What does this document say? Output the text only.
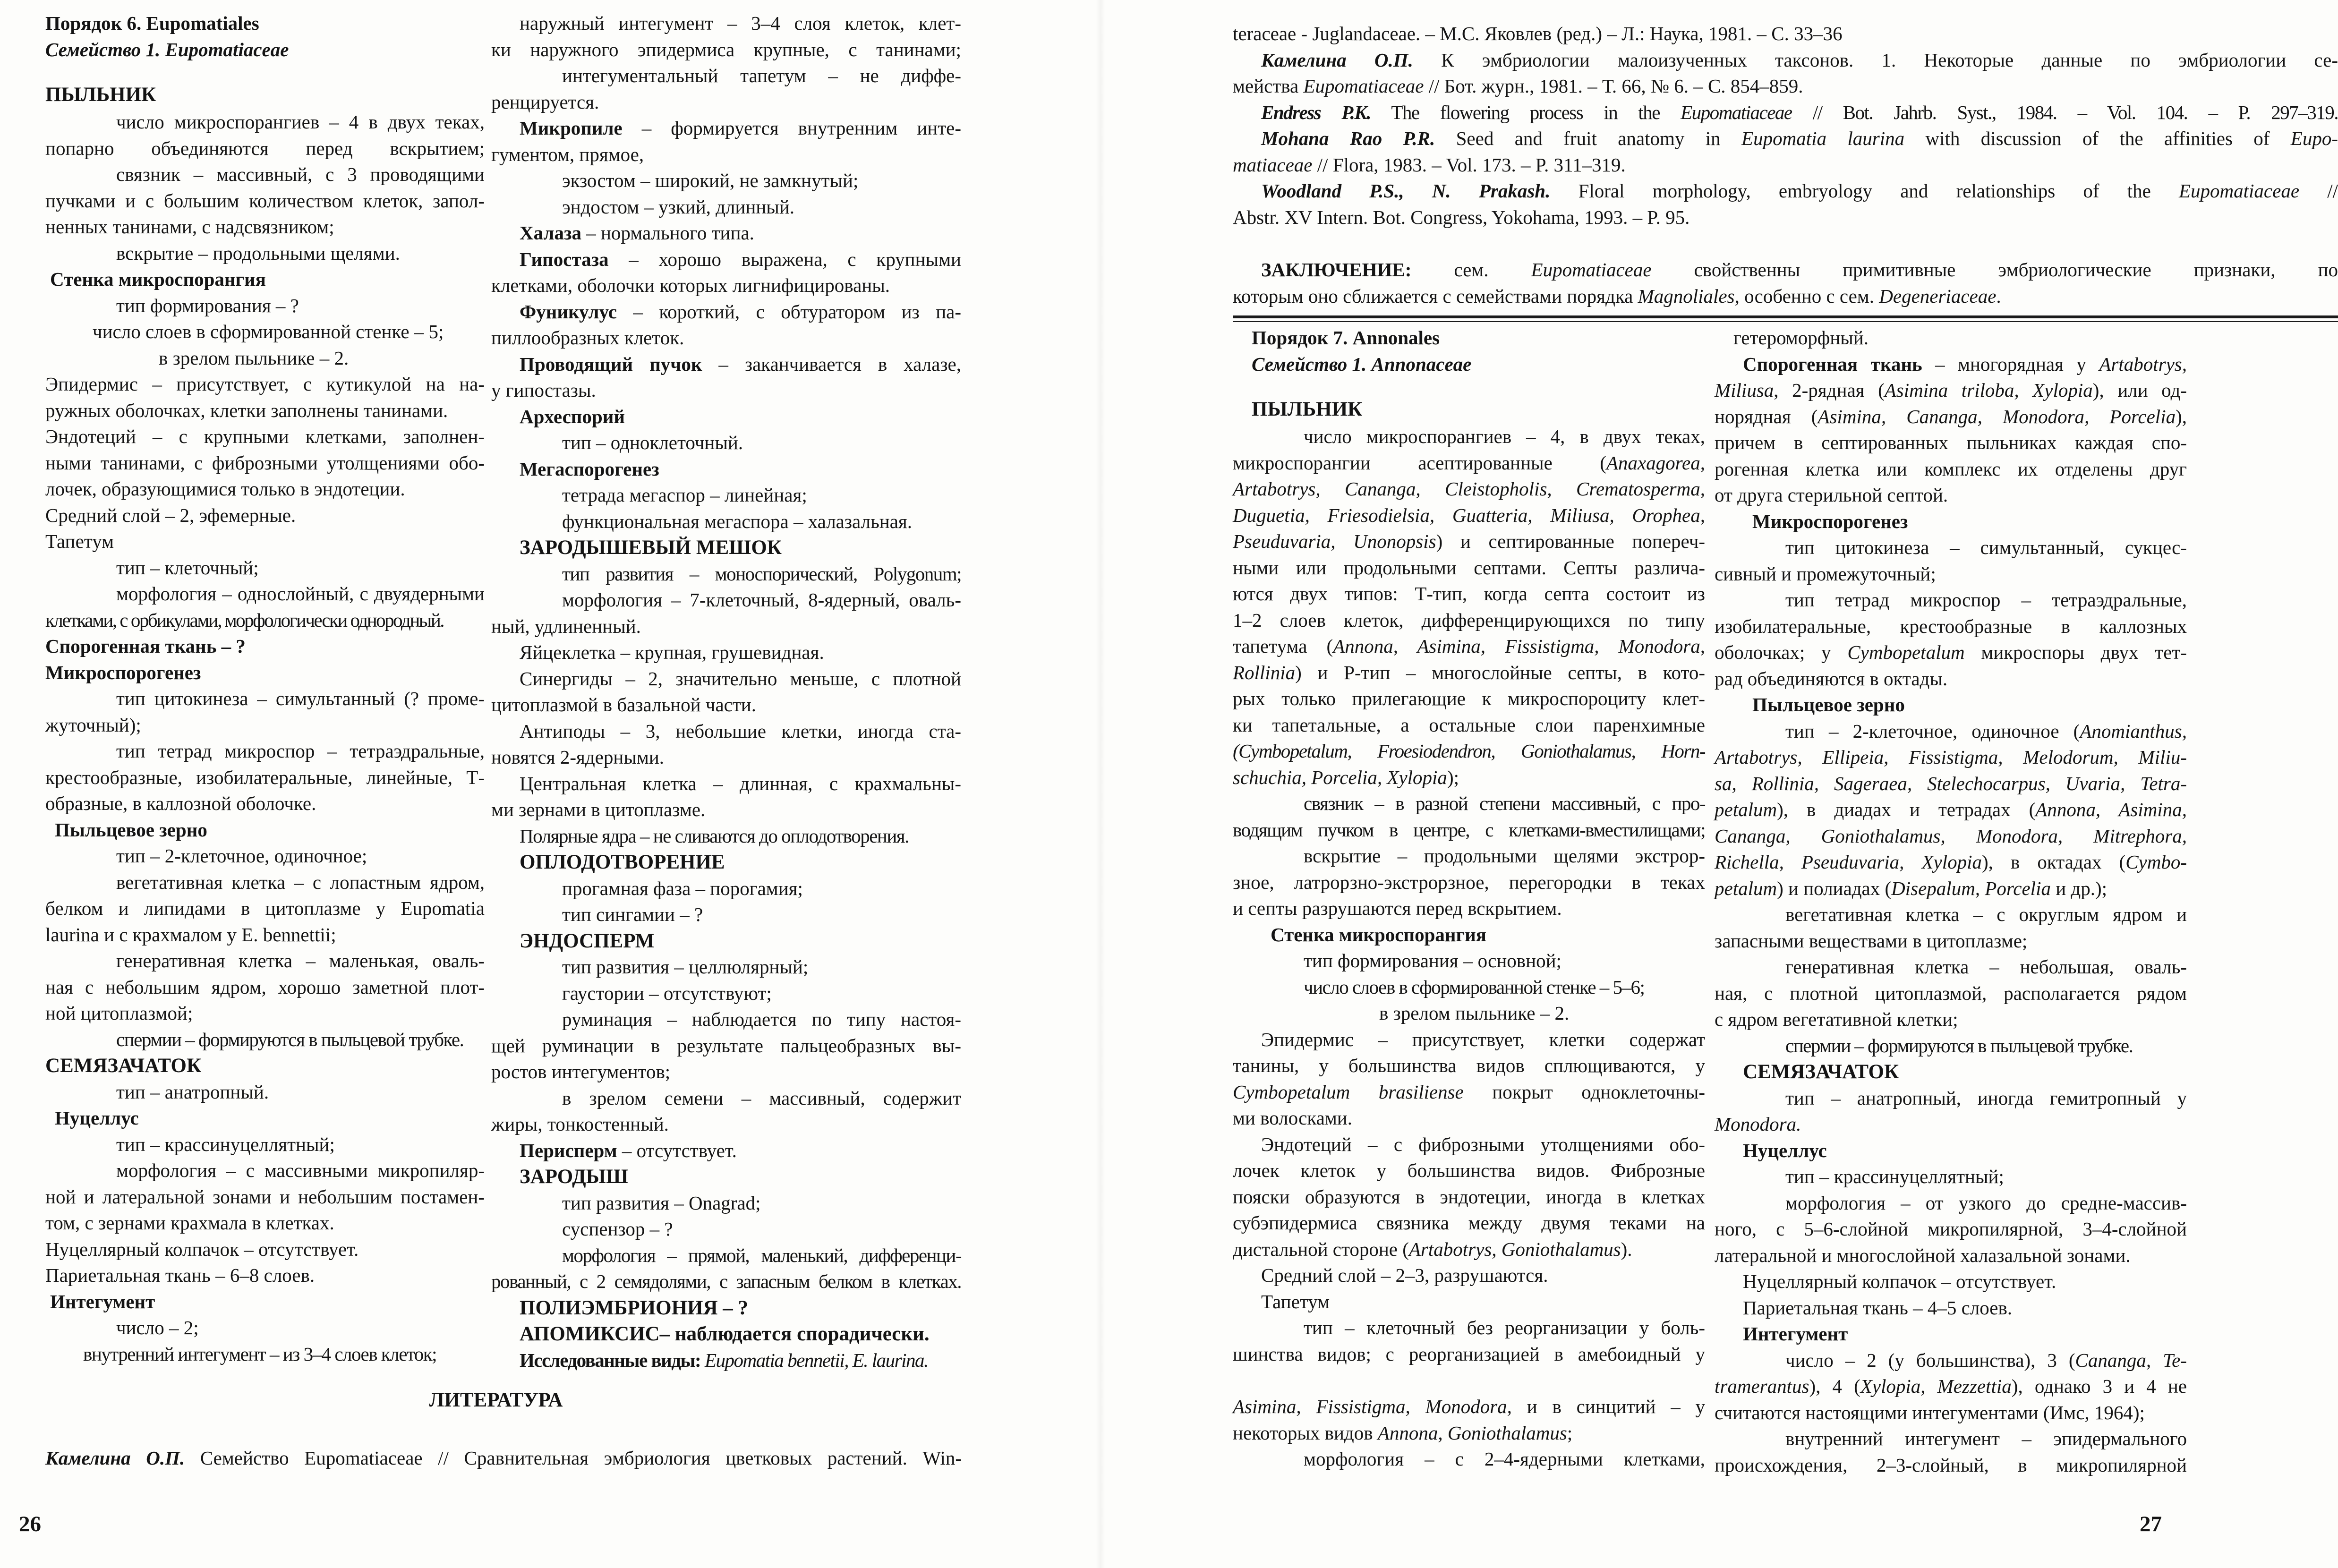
Порядок 6. Eupomatiales
Семейство 1. Eupomatiaceae
ПЫЛЬНИК
число микроспорангиев – 4 в двух теках,
попарно объединяются перед вскрытием;
связник – массивный, с 3 проводящими
пучками и с большим количеством клеток, запол-
ненных танинами, с надсвязником;
вскрытие – продольными щелями.
Стенка микроспорангия
тип формирования – ?
число слоев в сформированной стенке – 5;
в зрелом пыльнике – 2.
Эпидермис – присутствует, с кутикулой на на-
ружных оболочках, клетки заполнены танинами.
Эндотеций – с крупными клетками, заполнен-
ными танинами, с фиброзными утолщениями обо-
лочек, образующимися только в эндотеции.
Средний слой – 2, эфемерные.
Тапетум
тип – клеточный;
морфология – однослойный, с двуядерными
клетками, с орбикулами, морфологически однородный.
Спорогенная ткань – ?
Микроспорогенез
тип цитокинеза – симультанный (? проме-
жуточный);
тип тетрад микроспор – тетраэдральные,
крестообразные, изобилатеральные, линейные, Т-
образные, в каллозной оболочке.
Пыльцевое зерно
тип – 2-клеточное, одиночное;
вегетативная клетка – с лопастным ядром,
белком и липидами в цитоплазме у Eupomatia
laurina и с крахмалом у E. bennettii;
генеративная клетка – маленькая, оваль-
ная с небольшим ядром, хорошо заметной плот-
ной цитоплазмой;
спермии – формируются в пыльцевой трубке.
СЕМЯЗАЧАТОК
тип – анатропный.
Нуцеллус
тип – крассинуцеллятный;
морфология – с массивными микропиляр-
ной и латеральной зонами и небольшим постамен-
том, с зернами крахмала в клетках.
Нуцеллярный колпачок – отсутствует.
Париетальная ткань – 6–8 слоев.
Интегумент
число – 2;
внутренний интегумент – из 3–4 слоев клеток;
наружный интегумент – 3–4 слоя клеток, клет-
ки наружного эпидермиса крупные, с танинами;
интегументальный тапетум – не диффе-
ренцируется.
Микропиле – формируется внутренним инте-
гументом, прямое,
экзостом – широкий, не замкнутый;
эндостом – узкий, длинный.
Халаза – нормального типа.
Гипостаза – хорошо выражена, с крупными
клетками, оболочки которых лигнифицированы.
Фуникулус – короткий, с обтуратором из па-
пиллообразных клеток.
Проводящий пучок – заканчивается в халазе,
у гипостазы.
Археспорий
тип – одноклеточный.
Мегаспорогенез
тетрада мегаспор – линейная;
функциональная мегаспора – халазальная.
ЗАРОДЫШЕВЫЙ МЕШОК
тип развития – моноспорический, Polygonum;
морфология – 7-клеточный, 8-ядерный, оваль-
ный, удлиненный.
Яйцеклетка – крупная, грушевидная.
Синергиды – 2, значительно меньше, с плотной
цитоплазмой в базальной части.
Антиподы – 3, небольшие клетки, иногда ста-
новятся 2-ядерными.
Центральная клетка – длинная, с крахмальны-
ми зернами в цитоплазме.
Полярные ядра – не сливаются до оплодотворения.
ОПЛОДОТВОРЕНИЕ
прогамная фаза – порогамия;
тип сингамии – ?
ЭНДОСПЕРМ
тип развития – целлюлярный;
гаустории – отсутствуют;
руминация – наблюдается по типу настоя-
щей руминации в результате пальцеобразных вы-
ростов интегументов;
в зрелом семени – массивный, содержит
жиры, тонкостенный.
Перисперм – отсутствует.
ЗАРОДЫШ
тип развития – Onagrad;
суспензор – ?
морфология – прямой, маленький, дифференци-
рованный, с 2 семядолями, с запасным белком в клетках.
ПОЛИЭМБРИОНИЯ – ?
АПОМИКСИС– наблюдается спорадически.
Исследованные виды: Eupomatia bennetii, E. laurina.
ЛИТЕРАТУРА
Камелина О.П. Семейство Eupomatiaceae // Сравнительная эмбриология цветковых растений. Win-
26
teraceae - Juglandaceae. – М.С. Яковлев (ред.) – Л.: Наука, 1981. – С. 33–36
Камелина О.П. К эмбриологии малоизученных таксонов. 1. Некоторые данные по эмбриологии се-
мейства Eupomatiaceae // Бот. журн., 1981. – Т. 66, № 6. – С. 854–859.
Endress P.K. The flowering process in the Eupomatiaceae // Bot. Jahrb. Syst., 1984. – Vol. 104. – P. 297–319.
Mohana Rao P.R. Seed and fruit anatomy in Eupomatia laurina with discussion of the affinities of Eupo-
matiaceae // Flora, 1983. – Vol. 173. – P. 311–319.
Woodland P.S., N. Prakash. Floral morphology, embryology and relationships of the Eupomatiaceae //
Abstr. XV Intern. Bot. Congress, Yokohama, 1993. – P. 95.
ЗАКЛЮЧЕНИЕ: сем. Eupomatiaceae свойственны примитивные эмбриологические признаки, по
которым оно сближается с семействами порядка Magnoliales, особенно с сем. Degeneriaceae.
Порядок 7. Annonales
Семейство 1. Annonaceae
ПЫЛЬНИК
число микроспорангиев – 4, в двух теках,
микроспорангии асептированные (Anaxagorea,
Artabotrys, Cananga, Cleistopholis, Crematosperma,
Duguetia, Friesodielsia, Guatteria, Miliusa, Orophea,
Pseuduvaria, Unonopsis) и септированные попереч-
ными или продольными септами. Септы различа-
ются двух типов: Т-тип, когда септа состоит из
1–2 слоев клеток, дифференцирующихся по типу
тапетума (Annona, Asimina, Fissistigma, Monodora,
Rollinia) и Р-тип – многослойные септы, в кото-
рых только прилегающие к микроспороциту клет-
ки тапетальные, а остальные слои паренхимные
(Cymbopetalum, Froesiodendron, Goniothalamus, Horn-
schuchia, Porcelia, Xylopia);
связник – в разной степени массивный, с про-
водящим пучком в центре, с клетками-вместилищами;
вскрытие – продольными щелями экстрор-
зное, латрорзно-экстрорзное, перегородки в теках
и септы разрушаются перед вскрытием.
Стенка микроспорангия
тип формирования – основной;
число слоев в сформированной стенке – 5–6;
в зрелом пыльнике – 2.
Эпидермис – присутствует, клетки содержат
танины, у большинства видов сплющиваются, у
Cymbopetalum brasiliense покрыт одноклеточны-
ми волосками.
Эндотеций – с фиброзными утолщениями обо-
лочек клеток у большинства видов. Фиброзные
пояски образуются в эндотеции, иногда в клетках
субэпидермиса связника между двумя теками на
дистальной стороне (Artabotrys, Goniothalamus).
Средний слой – 2–3, разрушаются.
Тапетум
тип – клеточный без реорганизации у боль-
шинства видов; с реорганизацией в амебоидный у
Asimina, Fissistigma, Monodora, и в синцитий – у
некоторых видов Annona, Goniothalamus;
морфология – с 2–4-ядерными клетками,
гетероморфный.
Спорогенная ткань – многорядная у Artabotrys,
Miliusa, 2-рядная (Asimina triloba, Xylopia), или од-
норядная (Asimina, Cananga, Monodora, Porcelia),
причем в септированных пыльниках каждая спо-
рогенная клетка или комплекс их отделены друг
от друга стерильной септой.
Микроспорогенез
тип цитокинеза – симультанный, сукцес-
сивный и промежуточный;
тип тетрад микроспор – тетраэдральные,
изобилатеральные, крестообразные в каллозных
оболочках; у Cymbopetalum микроспоры двух тет-
рад объединяются в октады.
Пыльцевое зерно
тип – 2-клеточное, одиночное (Anomianthus,
Artabotrys, Ellipeia, Fissistigma, Melodorum, Miliu-
sa, Rollinia, Sageraea, Stelechocarpus, Uvaria, Tetra-
petalum), в диадах и тетрадах (Annona, Asimina,
Cananga, Goniothalamus, Monodora, Mitrephora,
Richella, Pseuduvaria, Xylopia), в октадах (Cymbo-
petalum) и полиадах (Disepalum, Porcelia и др.);
вегетативная клетка – с округлым ядром и
запасными веществами в цитоплазме;
генеративная клетка – небольшая, оваль-
ная, с плотной цитоплазмой, располагается рядом
с ядром вегетативной клетки;
спермии – формируются в пыльцевой трубке.
СЕМЯЗАЧАТОК
тип – анатропный, иногда гемитропный у
Monodora.
Нуцеллус
тип – крассинуцеллятный;
морфология – от узкого до средне-массив-
ного, с 5–6-слойной микропилярной, 3–4-слойной
латеральной и многослойной халазальной зонами.
Нуцеллярный колпачок – отсутствует.
Париетальная ткань – 4–5 слоев.
Интегумент
число – 2 (у большинства), 3 (Cananga, Te-
tramerantus), 4 (Xylopia, Mezzettia), однако 3 и 4 не
считаются настоящими интегументами (Имс, 1964);
внутренний интегумент – эпидермального
происхождения, 2–3-слойный, в микропилярной
27
